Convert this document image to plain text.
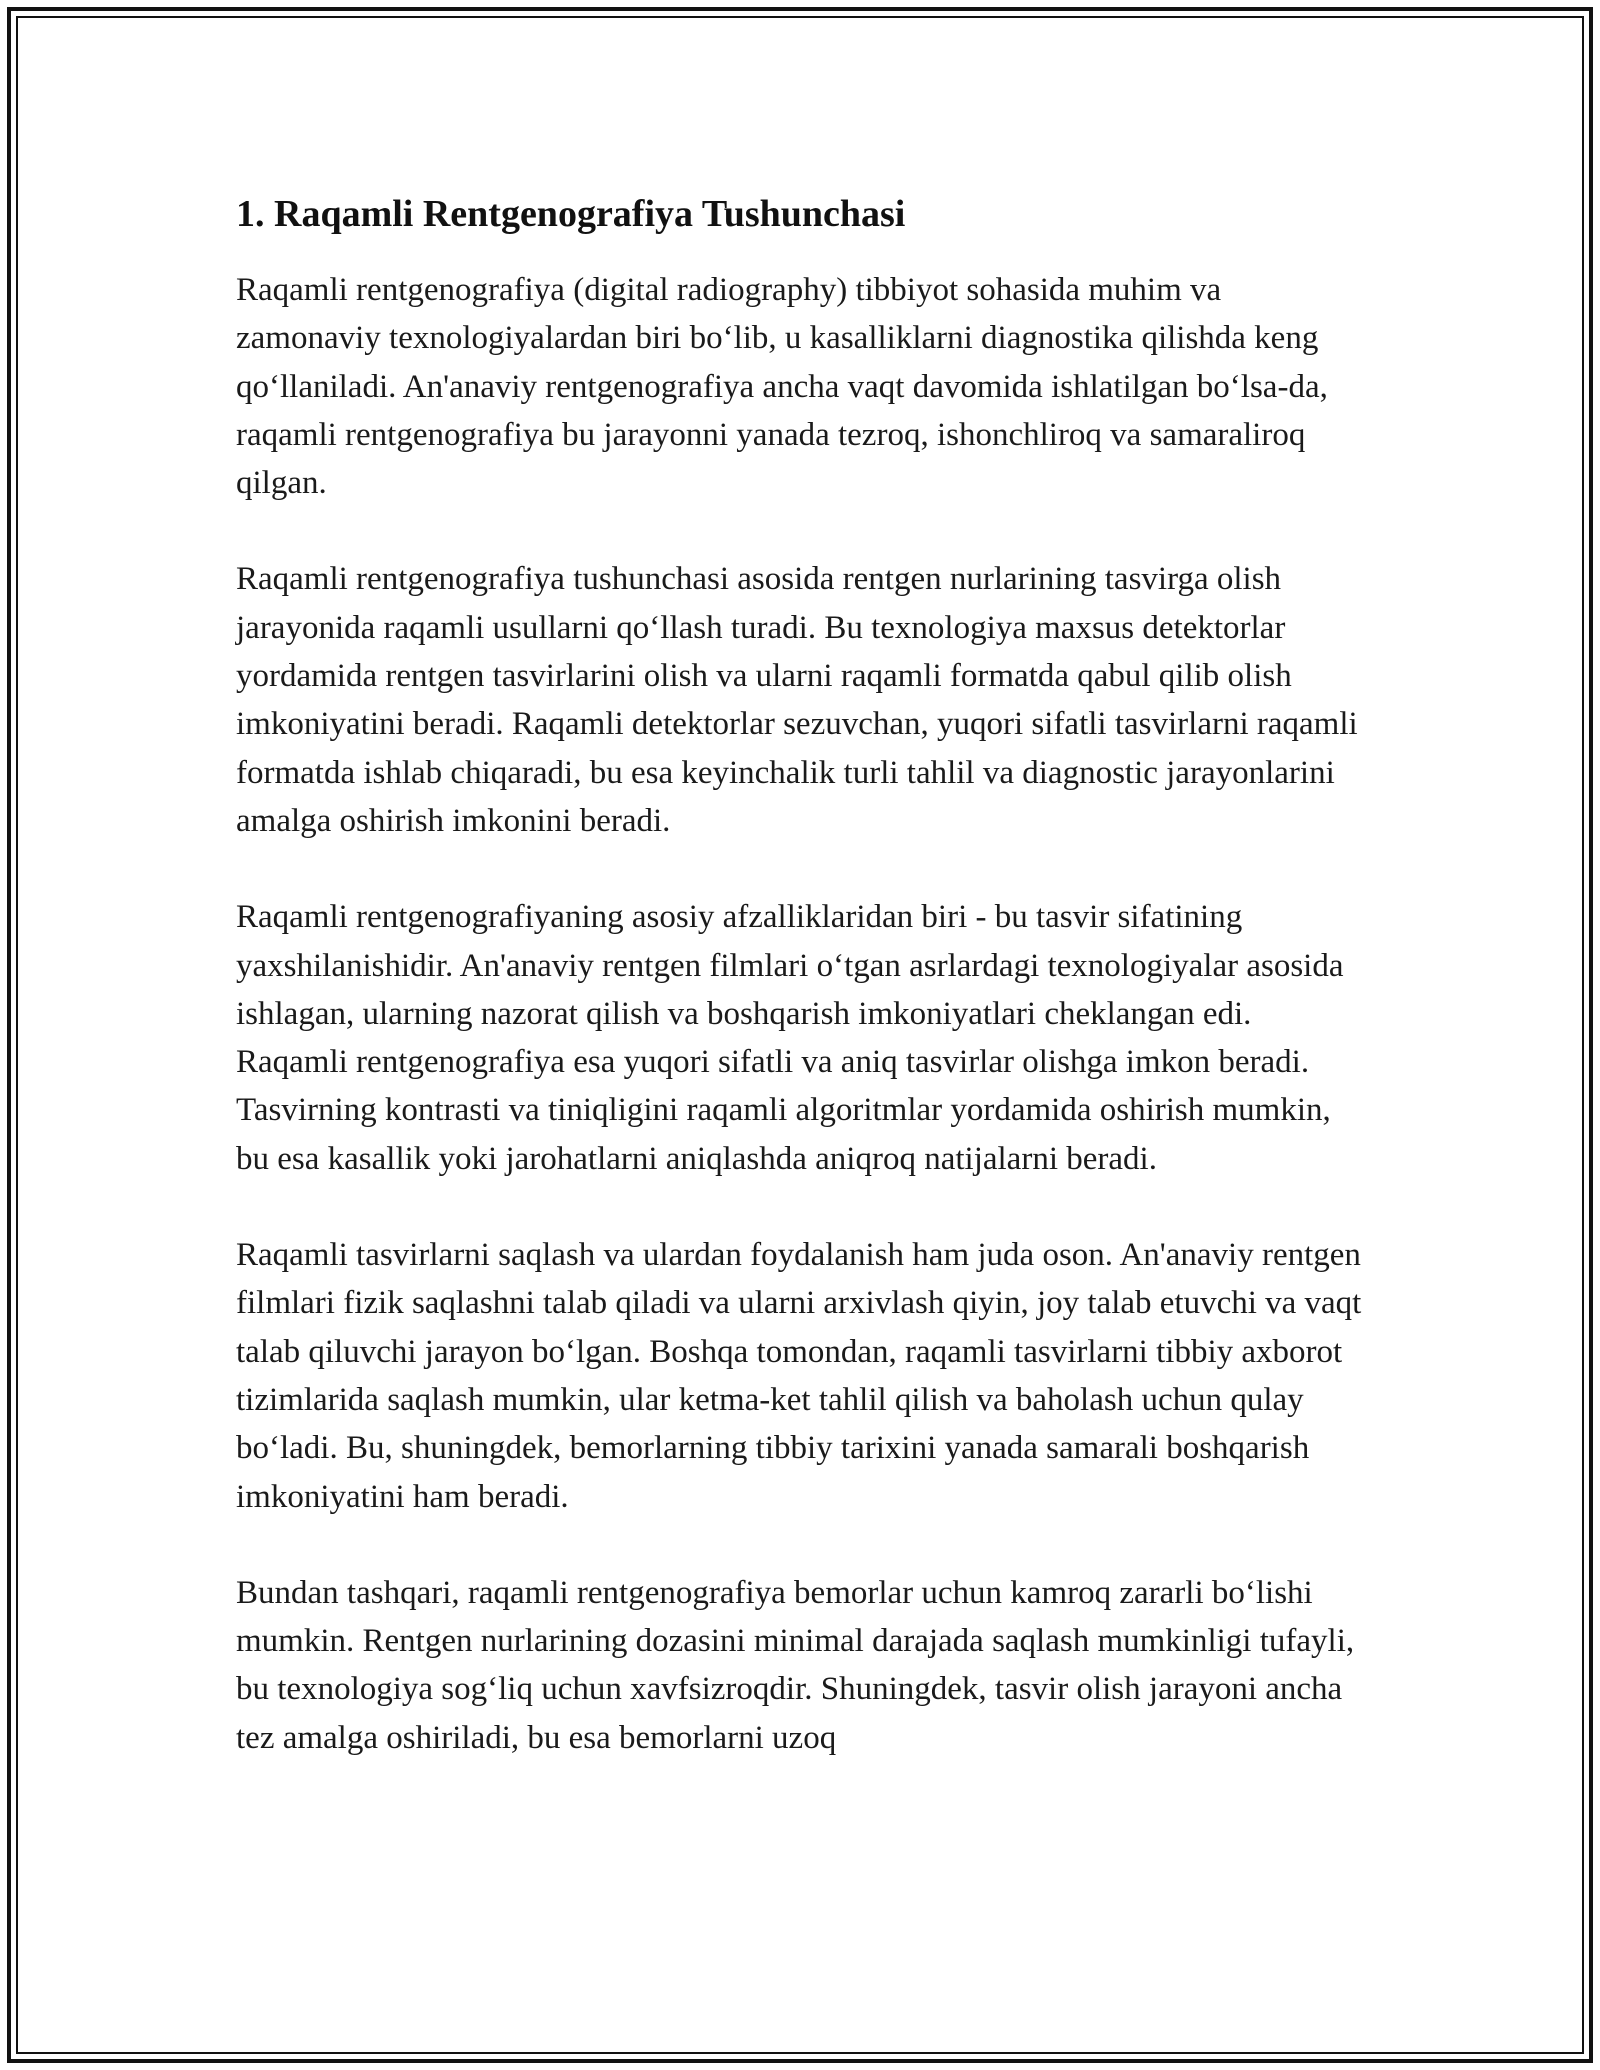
1. Raqamli Rentgenografiya Tushunchasi

Raqamli rentgenografiya (digital radiography) tibbiyot sohasida muhim va zamonaviy texnologiyalardan biri bo‘lib, u kasalliklarni diagnostika qilishda keng qo‘llaniladi. An'anaviy rentgenografiya ancha vaqt davomida ishlatilgan bo‘lsa-da, raqamli rentgenografiya bu jarayonni yanada tezroq, ishonchliroq va samaraliroq qilgan.

Raqamli rentgenografiya tushunchasi asosida rentgen nurlarining tasvirga olish jarayonida raqamli usullarni qo‘llash turadi. Bu texnologiya maxsus detektorlar yordamida rentgen tasvirlarini olish va ularni raqamli formatda qabul qilib olish imkoniyatini beradi. Raqamli detektorlar sezuvchan, yuqori sifatli tasvirlarni raqamli formatda ishlab chiqaradi, bu esa keyinchalik turli tahlil va diagnostic jarayonlarini amalga oshirish imkonini beradi.

Raqamli rentgenografiyaning asosiy afzalliklaridan biri - bu tasvir sifatining yaxshilanishidir. An'anaviy rentgen filmlari o‘tgan asrlardagi texnologiyalar asosida ishlagan, ularning nazorat qilish va boshqarish imkoniyatlari cheklangan edi. Raqamli rentgenografiya esa yuqori sifatli va aniq tasvirlar olishga imkon beradi. Tasvirning kontrasti va tiniqligini raqamli algoritmlar yordamida oshirish mumkin, bu esa kasallik yoki jarohatlarni aniqlashda aniqroq natijalarni beradi.

Raqamli tasvirlarni saqlash va ulardan foydalanish ham juda oson. An'anaviy rentgen filmlari fizik saqlashni talab qiladi va ularni arxivlash qiyin, joy talab etuvchi va vaqt talab qiluvchi jarayon bo‘lgan. Boshqa tomondan, raqamli tasvirlarni tibbiy axborot tizimlarida saqlash mumkin, ular ketma-ket tahlil qilish va baholash uchun qulay bo‘ladi. Bu, shuningdek, bemorlarning tibbiy tarixini yanada samarali boshqarish imkoniyatini ham beradi.

Bundan tashqari, raqamli rentgenografiya bemorlar uchun kamroq zararli bo‘lishi mumkin. Rentgen nurlarining dozasini minimal darajada saqlash mumkinligi tufayli, bu texnologiya sog‘liq uchun xavfsizroqdir. Shuningdek, tasvir olish jarayoni ancha tez amalga oshiriladi, bu esa bemorlarni uzoq
